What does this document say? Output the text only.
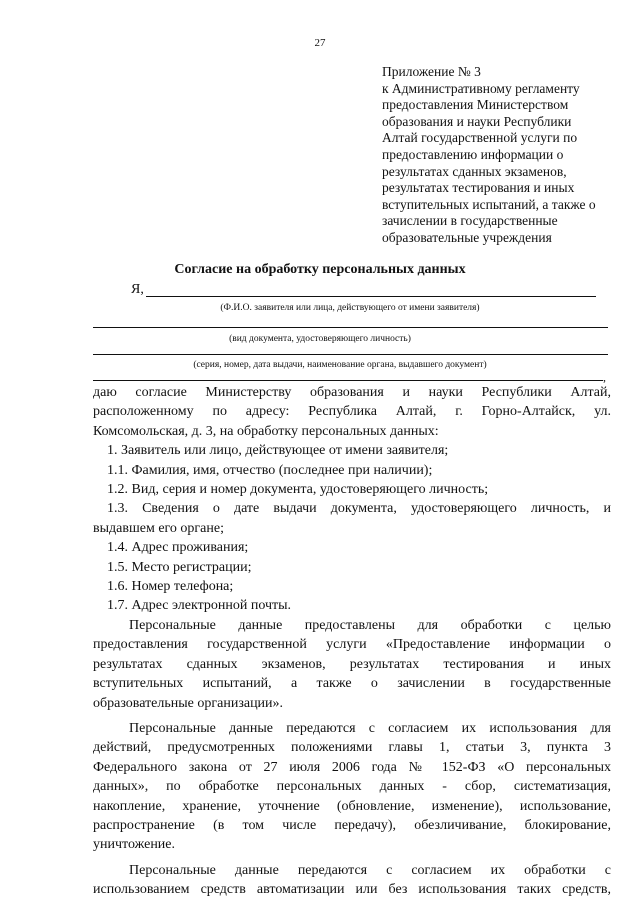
27
Приложение № 3
к Административному регламенту
предоставления Министерством
образования и науки Республики
Алтай государственной услуги по
предоставлению информации о
результатах сданных экзаменов,
результатах тестирования и иных
вступительных испытаний, а также о
зачислении в государственные
образовательные учреждения
Согласие на обработку персональных данных
Я,
(Ф.И.О. заявителя или лица, действующего от имени заявителя)
(вид документа, удостоверяющего личность)
(серия, номер, дата выдачи, наименование органа, выдавшего документ)
,

даю согласие Министерству образования и науки Республики Алтай,

расположенному по адресу: Республика Алтай, г. Горно-Алтайск, ул.

Комсомольская, д. 3, на обработку персональных данных:

1. Заявитель или лицо, действующее от имени заявителя;

1.1. Фамилия, имя, отчество (последнее при наличии);

1.2. Вид, серия и номер документа, удостоверяющего личность;

1.3. Сведения о дате выдачи документа, удостоверяющего личность, и

выдавшем его органе;

1.4. Адрес проживания;

1.5. Место регистрации;

1.6. Номер телефона;

1.7. Адрес электронной почты.

Персональные данные предоставлены для обработки с целью

предоставления государственной услуги «Предоставление информации о

результатах сданных экзаменов, результатах тестирования и иных

вступительных испытаний, а также о зачислении в государственные

образовательные организации».

Персональные данные передаются с согласием их использования для

действий, предусмотренных положениями главы 1, статьи 3, пункта 3

Федерального закона от 27 июля 2006 года № 152-ФЗ «О персональных

данных», по обработке персональных данных - сбор, систематизация,

накопление, хранение, уточнение (обновление, изменение), использование,

распространение (в том числе передачу), обезличивание, блокирование,

уничтожение.

Персональные данные передаются с согласием их обработки с

использованием средств автоматизации или без использования таких средств,
